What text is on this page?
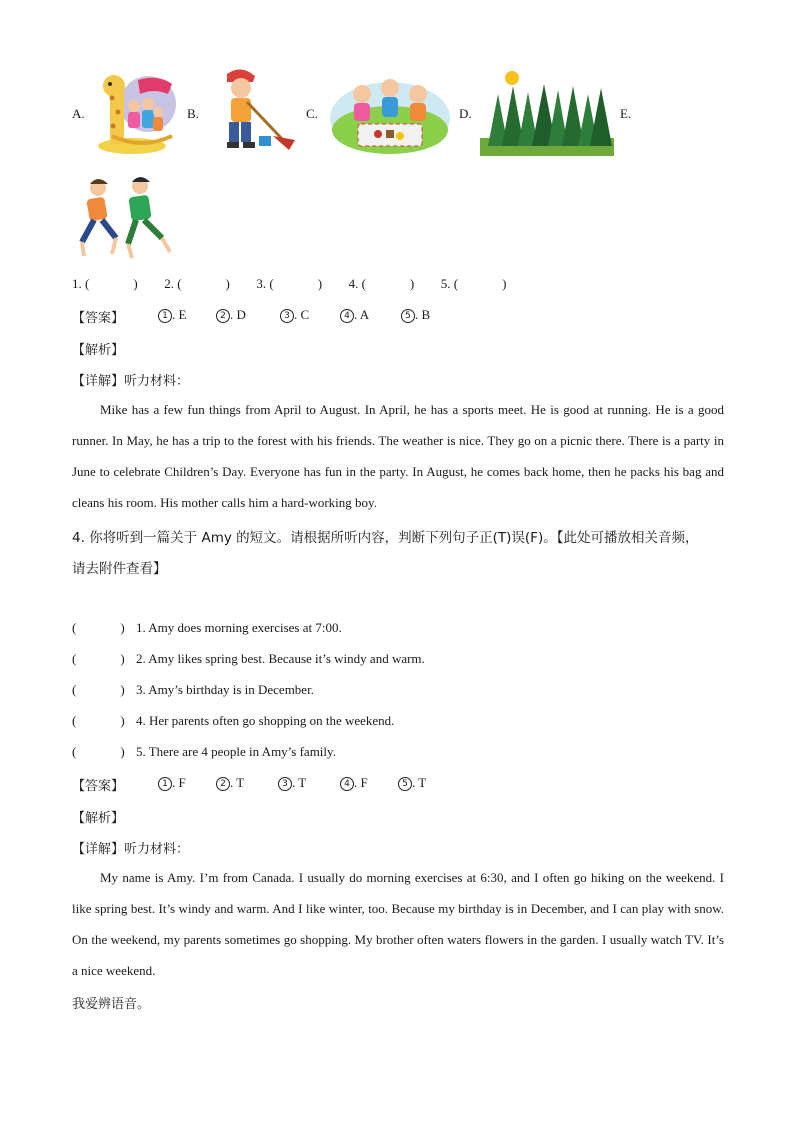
A.	B.	C.	D.	E.
1. (	) 2. (	) 3. (	) 4. (	) 5. (	)
【答案】	1 . E	2 . D	3 . C	4 . A	5 . B
【解析】
【详解】听力材料：
Mike has a few fun things from April to August. In April, he has a sports meet. He is good at running. He is a good runner. In May, he has a trip to the forest with his friends. The weather is nice. They go on a picnic there. There is a party in June to celebrate Children’s Day. Everyone has fun in the party. In August, he comes back home, then he packs his bag and cleans his room. His mother calls him a hard-working boy.
4. 你将听到一篇关于 Amy 的短文。请根据所听内容，判断下列句子正(T)误(F)。【此处可播放相关音频，
请去附件查看】
(	) 1. Amy does morning exercises at 7:00.
(	) 2. Amy likes spring best. Because it’s windy and warm.
(	) 3. Amy’s birthday is in December.
(	) 4. Her parents often go shopping on the weekend.
(	) 5. There are 4 people in Amy’s family.
【答案】	1 . F	2 . T	3 . T	4 . F	5 . T
【解析】
【详解】听力材料：
My name is Amy. I’m from Canada. I usually do morning exercises at 6:30, and I often go hiking on the weekend. I like spring best. It’s windy and warm. And I like winter, too. Because my birthday is in December, and I can play with snow. On the weekend, my parents sometimes go shopping. My brother often waters flowers in the garden. I usually watch TV. It’s a nice weekend.
我爱辨语音。
